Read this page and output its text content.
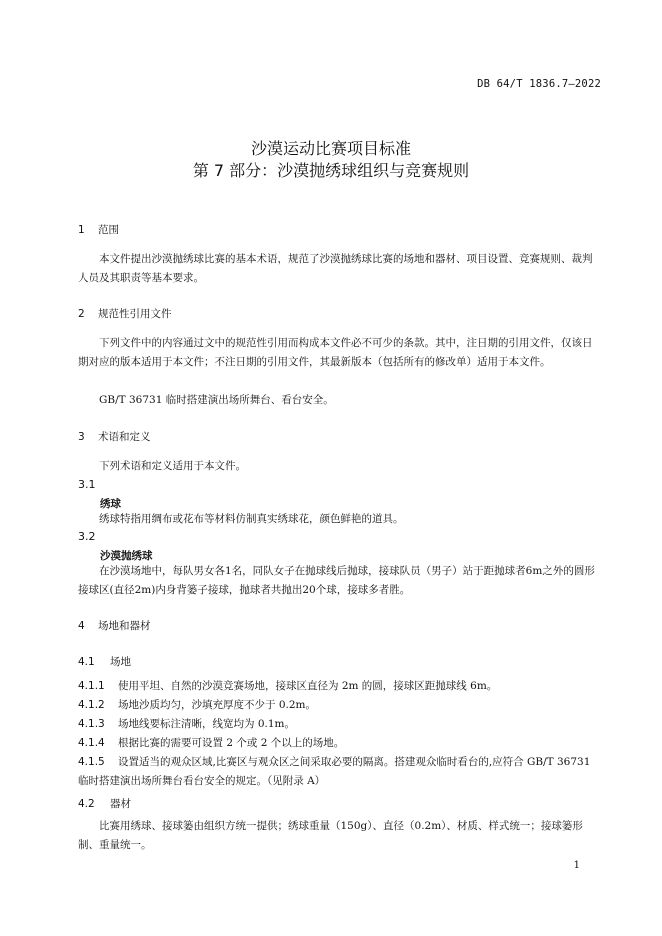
DB 64/T 1836.7—2022
沙漠运动比赛项目标准
第 7 部分：沙漠抛绣球组织与竞赛规则
1 范围
本文件提出沙漠抛绣球比赛的基本术语，规范了沙漠抛绣球比赛的场地和器材、项目设置、竞赛规则、裁判人员及其职责等基本要求。
2 规范性引用文件
下列文件中的内容通过文中的规范性引用而构成本文件必不可少的条款。其中，注日期的引用文件，仅该日期对应的版本适用于本文件；不注日期的引用文件，其最新版本（包括所有的修改单）适用于本文件。
GB/T 36731 临时搭建演出场所舞台、看台安全。
3 术语和定义
下列术语和定义适用于本文件。
3.1
绣球
绣球特指用绸布或花布等材料仿制真实绣球花，颜色鲜艳的道具。
3.2
沙漠抛绣球
在沙漠场地中，每队男女各1名，同队女子在抛球线后抛球，接球队员（男子）站于距抛球者6m之外的圆形接球区(直径2m)内身背篓子接球，抛球者共抛出20个球，接球多者胜。
4 场地和器材
4.1 场地
4.1.1 使用平坦、自然的沙漠竞赛场地，接球区直径为 2m 的圆，接球区距抛球线 6m。
4.1.2 场地沙质均匀，沙填充厚度不少于 0.2m。
4.1.3 场地线要标注清晰，线宽均为 0.1m。
4.1.4 根据比赛的需要可设置 2 个或 2 个以上的场地。
4.1.5 设置适当的观众区域,比赛区与观众区之间采取必要的隔离。搭建观众临时看台的,应符合 GB/T 36731 临时搭建演出场所舞台看台安全的规定。（见附录 A）
4.2 器材
比赛用绣球、接球篓由组织方统一提供；绣球重量（150g）、直径（0.2m）、材质、样式统一；接球篓形制、重量统一。
1
